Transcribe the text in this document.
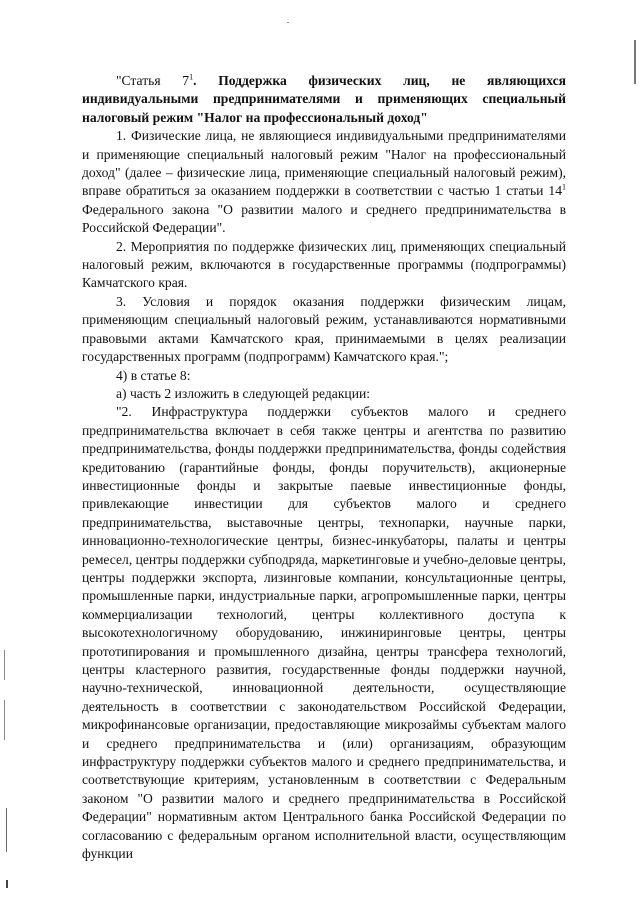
"Статья $7^1$. Поддержка физических лиц, не являющихся индивидуальными предпринимателями и применяющих специальный налоговый режим "Налог на профессиональный доход"

1. Физические лица, не являющиеся индивидуальными предпринимателями и применяющие специальный налоговый режим "Налог на профессиональный доход" (далее – физические лица, применяющие специальный налоговый режим), вправе обратиться за оказанием поддержки в соответствии с частью 1 статьи $14^1$ Федерального закона "О развитии малого и среднего предпринимательства в Российской Федерации".

2. Мероприятия по поддержке физических лиц, применяющих специальный налоговый режим, включаются в государственные программы (подпрограммы) Камчатского края.

3. Условия и порядок оказания поддержки физическим лицам, применяющим специальный налоговый режим, устанавливаются нормативными правовыми актами Камчатского края, принимаемыми в целях реализации государственных программ (подпрограмм) Камчатского края.";

4) в статье 8:

а) часть 2 изложить в следующей редакции:

"2. Инфраструктура поддержки субъектов малого и среднего предпринимательства включает в себя также центры и агентства по развитию предпринимательства, фонды поддержки предпринимательства, фонды содействия кредитованию (гарантийные фонды, фонды поручительств), акционерные инвестиционные фонды и закрытые паевые инвестиционные фонды, привлекающие инвестиции для субъектов малого и среднего предпринимательства, выставочные центры, технопарки, научные парки, инновационно-технологические центры, бизнес-инкубаторы, палаты и центры ремесел, центры поддержки субподряда, маркетинговые и учебно-деловые центры, центры поддержки экспорта, лизинговые компании, консультационные центры, промышленные парки, индустриальные парки, агропромышленные парки, центры коммерциализации технологий, центры коллективного доступа к высокотехнологичному оборудованию, инжиниринговые центры, центры прототипирования и промышленного дизайна, центры трансфера технологий, центры кластерного развития, государственные фонды поддержки научной, научно-технической, инновационной деятельности, осуществляющие деятельность в соответствии с законодательством Российской Федерации, микрофинансовые организации, предоставляющие микрозаймы субъектам малого и среднего предпринимательства и (или) организациям, образующим инфраструктуру поддержки субъектов малого и среднего предпринимательства, и соответствующие критериям, установленным в соответствии с Федеральным законом "О развитии малого и среднего предпринимательства в Российской Федерации" нормативным актом Центрального банка Российской Федерации по согласованию с федеральным органом исполнительной власти, осуществляющим функции
